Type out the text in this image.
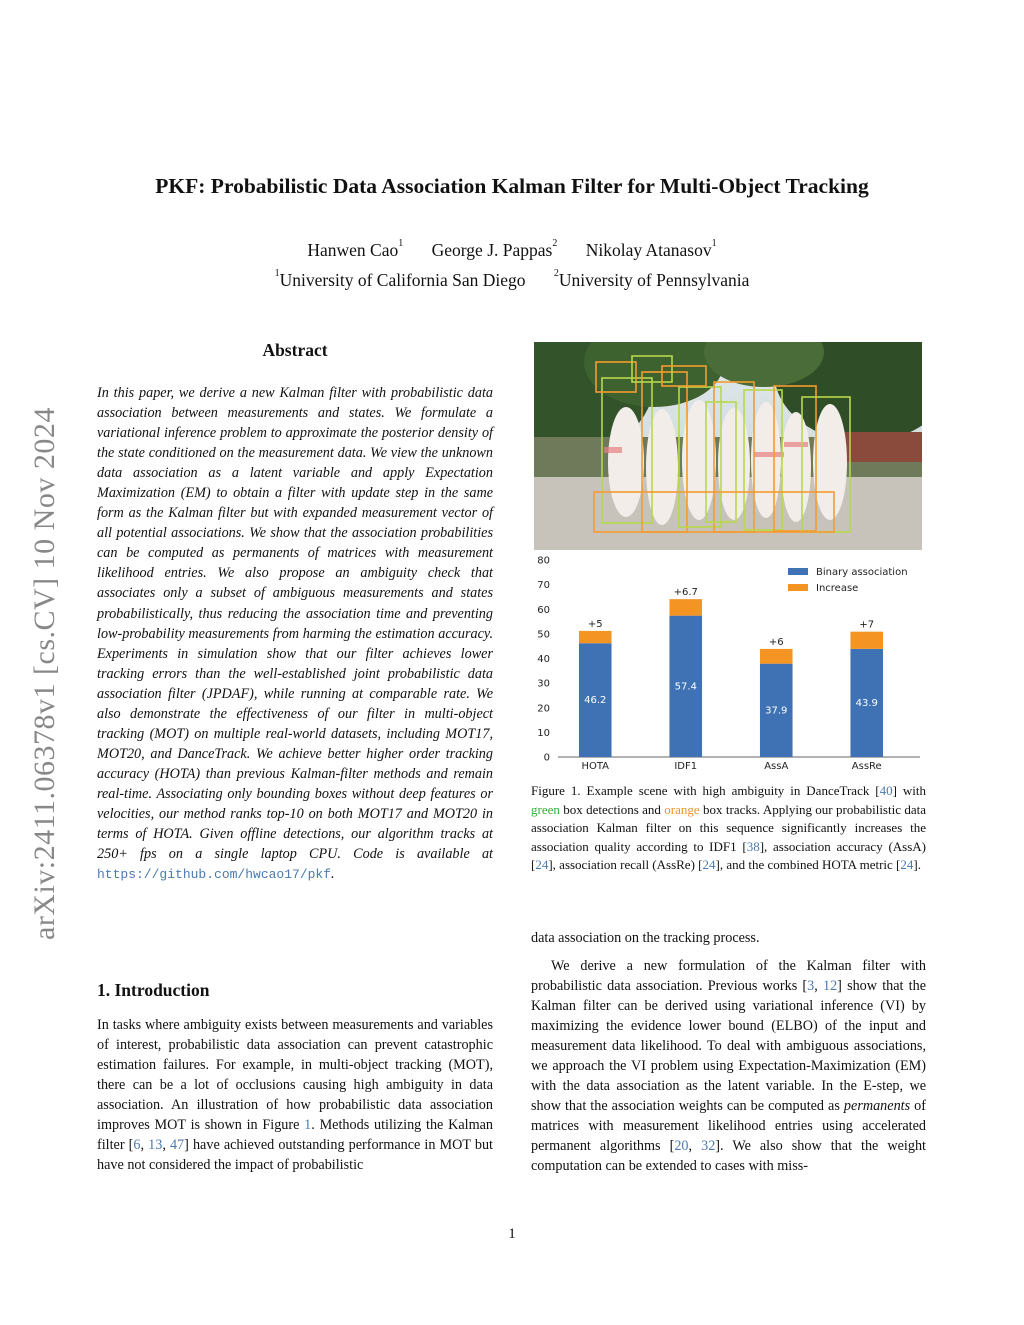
arXiv:2411.06378v1 [cs.CV] 10 Nov 2024
PKF: Probabilistic Data Association Kalman Filter for Multi-Object Tracking
Hanwen Cao$^1$ George J. Pappas$^2$ Nikolay Atanasov$^1$
$^1$University of California San Diego	$^2$University of Pennsylvania
Abstract
In this paper, we derive a new Kalman filter with probabilistic data association between measurements and states. We formulate a variational inference problem to approximate the posterior density of the state conditioned on the measurement data. We view the unknown data association as a latent variable and apply Expectation Maximization (EM) to obtain a filter with update step in the same form as the Kalman filter but with expanded measurement vector of all potential associations. We show that the association probabilities can be computed as permanents of matrices with measurement likelihood entries. We also propose an ambiguity check that associates only a subset of ambiguous measurements and states probabilistically, thus reducing the association time and preventing low-probability measurements from harming the estimation accuracy. Experiments in simulation show that our filter achieves lower tracking errors than the well-established joint probabilistic data association filter (JPDAF), while running at comparable rate. We also demonstrate the effectiveness of our filter in multi-object tracking (MOT) on multiple real-world datasets, including MOT17, MOT20, and DanceTrack. We achieve better higher order tracking accuracy (HOTA) than previous Kalman-filter methods and remain real-time. Associating only bounding boxes without deep features or velocities, our method ranks top-10 on both MOT17 and MOT20 in terms of HOTA. Given offline detections, our algorithm tracks at 250+ fps on a single laptop CPU. Code is available at https://github.com/hwcao17/pkf.
1. Introduction
In tasks where ambiguity exists between measurements and variables of interest, probabilistic data association can prevent catastrophic estimation failures. For example, in multi-object tracking (MOT), there can be a lot of occlusions causing high ambiguity in data association. An illustration of how probabilistic data association improves MOT is shown in Figure 1. Methods utilizing the Kalman filter [6, 13, 47] have achieved outstanding performance in MOT but have not considered the impact of probabilistic
0
10
20
30
40
50
60
70
80
46.2
+5
HOTA
57.4
+6.7
IDF1
37.9
+6
AssA
43.9
+7
AssRe
Binary association
Increase
Figure 1. Example scene with high ambiguity in DanceTrack [40] with green box detections and orange box tracks. Applying our probabilistic data association Kalman filter on this sequence significantly increases the association quality according to IDF1 [38], association accuracy (AssA) [24], association recall (AssRe) [24], and the combined HOTA metric [24].

data association on the tracking process.

We derive a new formulation of the Kalman filter with probabilistic data association. Previous works [3, 12] show that the Kalman filter can be derived using variational inference (VI) by maximizing the evidence lower bound (ELBO) of the input and measurement data likelihood. To deal with ambiguous associations, we approach the VI problem using Expectation-Maximization (EM) with the data association as the latent variable. In the E-step, we show that the association weights can be computed as permanents of matrices with measurement likelihood entries using accelerated permanent algorithms [20, 32]. We also show that the weight computation can be extended to cases with miss-

1
